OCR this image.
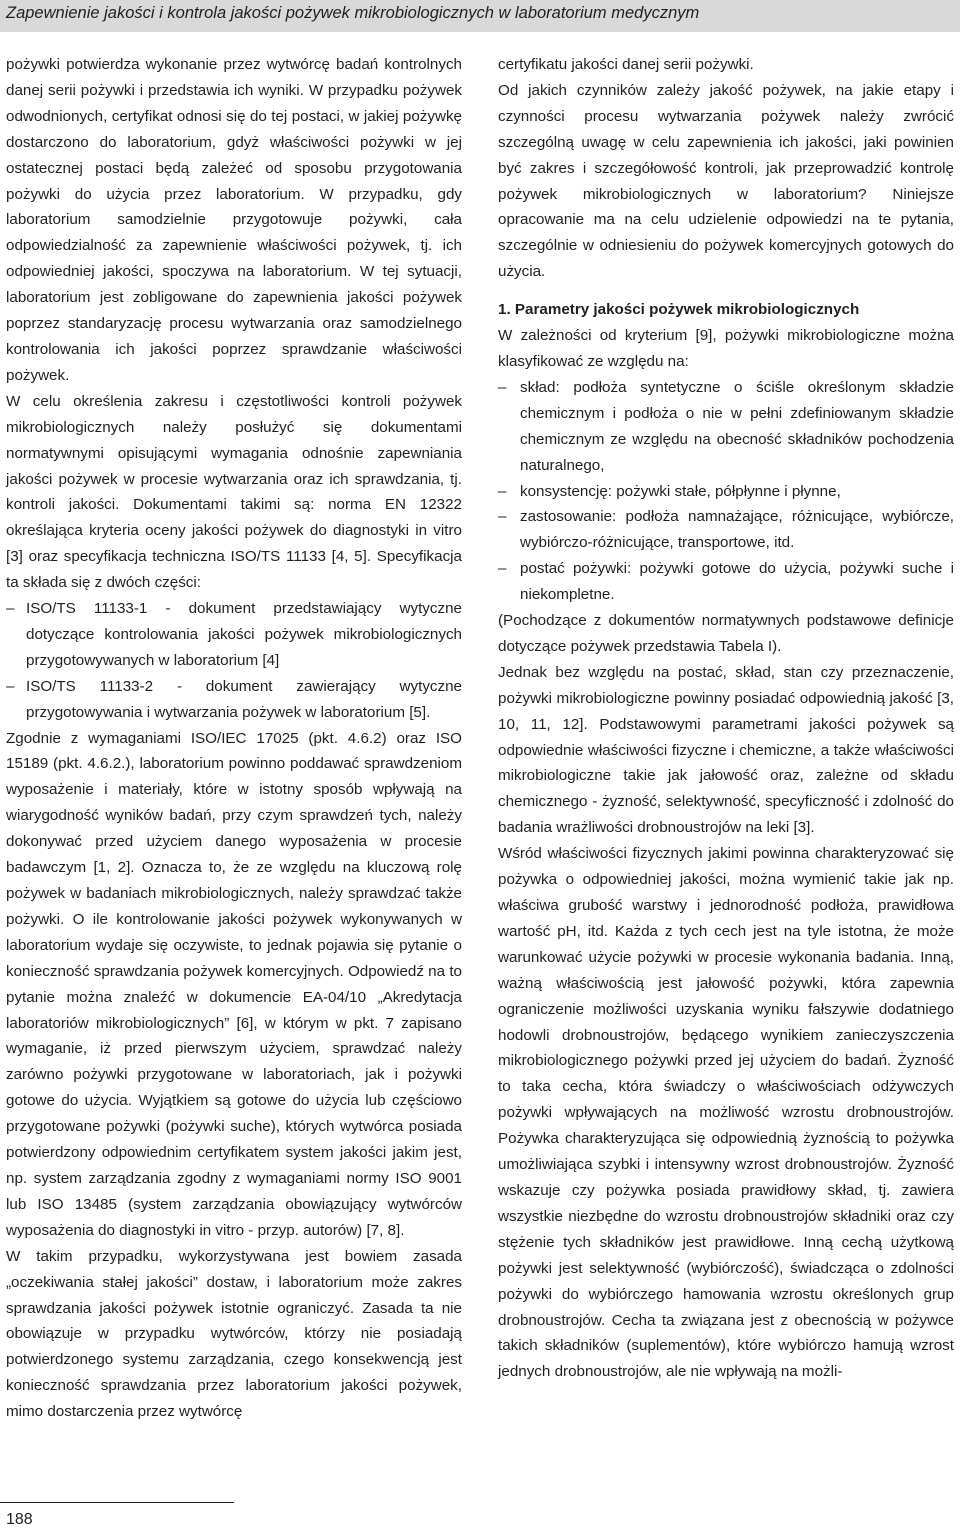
Zapewnienie jakości i kontrola jakości pożywek mikrobiologicznych w laboratorium medycznym

pożywki potwierdza wykonanie przez wytwórcę badań kontrolnych danej serii pożywki i przedstawia ich wyniki. W przypadku pożywek odwodnionych, certyfikat odnosi się do tej postaci, w jakiej pożywkę dostarczono do laboratorium, gdyż właściwości pożywki w jej ostatecznej postaci będą zależeć od sposobu przygotowania pożywki do użycia przez laboratorium. W przypadku, gdy laboratorium samodzielnie przygotowuje pożywki, cała odpowiedzialność za zapewnienie właściwości pożywek, tj. ich odpowiedniej jakości, spoczywa na laboratorium. W tej sytuacji, laboratorium jest zobligowane do zapewnienia jakości pożywek poprzez standaryzację procesu wytwarzania oraz samodzielnego kontrolowania ich jakości poprzez sprawdzanie właściwości pożywek.

W celu określenia zakresu i częstotliwości kontroli pożywek mikrobiologicznych należy posłużyć się dokumentami normatywnymi opisującymi wymagania odnośnie zapewniania jakości pożywek w procesie wytwarzania oraz ich sprawdzania, tj. kontroli jakości. Dokumentami takimi są: norma EN 12322 określająca kryteria oceny jakości pożywek do diagnostyki in vitro [3] oraz specyfikacja techniczna ISO/TS 11133 [4, 5]. Specyfikacja ta składa się z dwóch części:

– ISO/TS 11133-1 - dokument przedstawiający wytyczne dotyczące kontrolowania jakości pożywek mikrobiologicznych przygotowywanych w laboratorium [4]
– ISO/TS 11133-2 - dokument zawierający wytyczne przygotowywania i wytwarzania pożywek w laboratorium [5].

Zgodnie z wymaganiami ISO/IEC 17025 (pkt. 4.6.2) oraz ISO 15189 (pkt. 4.6.2.), laboratorium powinno poddawać sprawdzeniom wyposażenie i materiały, które w istotny sposób wpływają na wiarygodność wyników badań, przy czym sprawdzeń tych, należy dokonywać przed użyciem danego wyposażenia w procesie badawczym [1, 2]. Oznacza to, że ze względu na kluczową rolę pożywek w badaniach mikrobiologicznych, należy sprawdzać także pożywki. O ile kontrolowanie jakości pożywek wykonywanych w laboratorium wydaje się oczywiste, to jednak pojawia się pytanie o konieczność sprawdzania pożywek komercyjnych. Odpowiedź na to pytanie można znaleźć w dokumencie EA-04/10 „Akredytacja laboratoriów mikrobiologicznych” [6], w którym w pkt. 7 zapisano wymaganie, iż przed pierwszym użyciem, sprawdzać należy zarówno pożywki przygotowane w laboratoriach, jak i pożywki gotowe do użycia. Wyjątkiem są gotowe do użycia lub częściowo przygotowane pożywki (pożywki suche), których wytwórca posiada potwierdzony odpowiednim certyfikatem system jakości jakim jest, np. system zarządzania zgodny z wymaganiami normy ISO 9001 lub ISO 13485 (system zarządzania obowiązujący wytwórców wyposażenia do diagnostyki in vitro - przyp. autorów) [7, 8].

W takim przypadku, wykorzystywana jest bowiem zasada „oczekiwania stałej jakości” dostaw, i laboratorium może zakres sprawdzania jakości pożywek istotnie ograniczyć. Zasada ta nie obowiązuje w przypadku wytwórców, którzy nie posiadają potwierdzonego systemu zarządzania, czego konsekwencją jest konieczność sprawdzania przez laboratorium jakości pożywek, mimo dostarczenia przez wytwórcę

certyfikatu jakości danej serii pożywki.

Od jakich czynników zależy jakość pożywek, na jakie etapy i czynności procesu wytwarzania pożywek należy zwrócić szczególną uwagę w celu zapewnienia ich jakości, jaki powinien być zakres i szczegółowość kontroli, jak przeprowadzić kontrolę pożywek mikrobiologicznych w laboratorium? Niniejsze opracowanie ma na celu udzielenie odpowiedzi na te pytania, szczególnie w odniesieniu do pożywek komercyjnych gotowych do użycia.

1. Parametry jakości pożywek mikrobiologicznych

W zależności od kryterium [9], pożywki mikrobiologiczne można klasyfikować ze względu na:

– skład: podłoża syntetyczne o ściśle określonym składzie chemicznym i podłoża o nie w pełni zdefiniowanym składzie chemicznym ze względu na obecność składników pochodzenia naturalnego,
– konsystencję: pożywki stałe, półpłynne i płynne,
– zastosowanie: podłoża namnażające, różnicujące, wybiórcze, wybiórczo-różnicujące, transportowe, itd.
– postać pożywki: pożywki gotowe do użycia, pożywki suche i niekompletne.

(Pochodzące z dokumentów normatywnych podstawowe definicje dotyczące pożywek przedstawia Tabela I).

Jednak bez względu na postać, skład, stan czy przeznaczenie, pożywki mikrobiologiczne powinny posiadać odpowiednią jakość [3, 10, 11, 12]. Podstawowymi parametrami jakości pożywek są odpowiednie właściwości fizyczne i chemiczne, a także właściwości mikrobiologiczne takie jak jałowość oraz, zależne od składu chemicznego - żyzność, selektywność, specyficzność i zdolność do badania wrażliwości drobnoustrojów na leki [3].

Wśród właściwości fizycznych jakimi powinna charakteryzować się pożywka o odpowiedniej jakości, można wymienić takie jak np. właściwa grubość warstwy i jednorodność podłoża, prawidłowa wartość pH, itd. Każda z tych cech jest na tyle istotna, że może warunkować użycie pożywki w procesie wykonania badania. Inną, ważną właściwością jest jałowość pożywki, która zapewnia ograniczenie możliwości uzyskania wyniku fałszywie dodatniego hodowli drobnoustrojów, będącego wynikiem zanieczyszczenia mikrobiologicznego pożywki przed jej użyciem do badań. Żyzność to taka cecha, która świadczy o właściwościach odżywczych pożywki wpływających na możliwość wzrostu drobnoustrojów. Pożywka charakteryzująca się odpowiednią żyznością to pożywka umożliwiająca szybki i intensywny wzrost drobnoustrojów. Żyzność wskazuje czy pożywka posiada prawidłowy skład, tj. zawiera wszystkie niezbędne do wzrostu drobnoustrojów składniki oraz czy stężenie tych składników jest prawidłowe. Inną cechą użytkową pożywki jest selektywność (wybiórczość), świadcząca o zdolności pożywki do wybiórczego hamowania wzrostu określonych grup drobnoustrojów. Cecha ta związana jest z obecnością w pożywce takich składników (suplementów), które wybiórczo hamują wzrost jednych drobnoustrojów, ale nie wpływają na możli-

188
